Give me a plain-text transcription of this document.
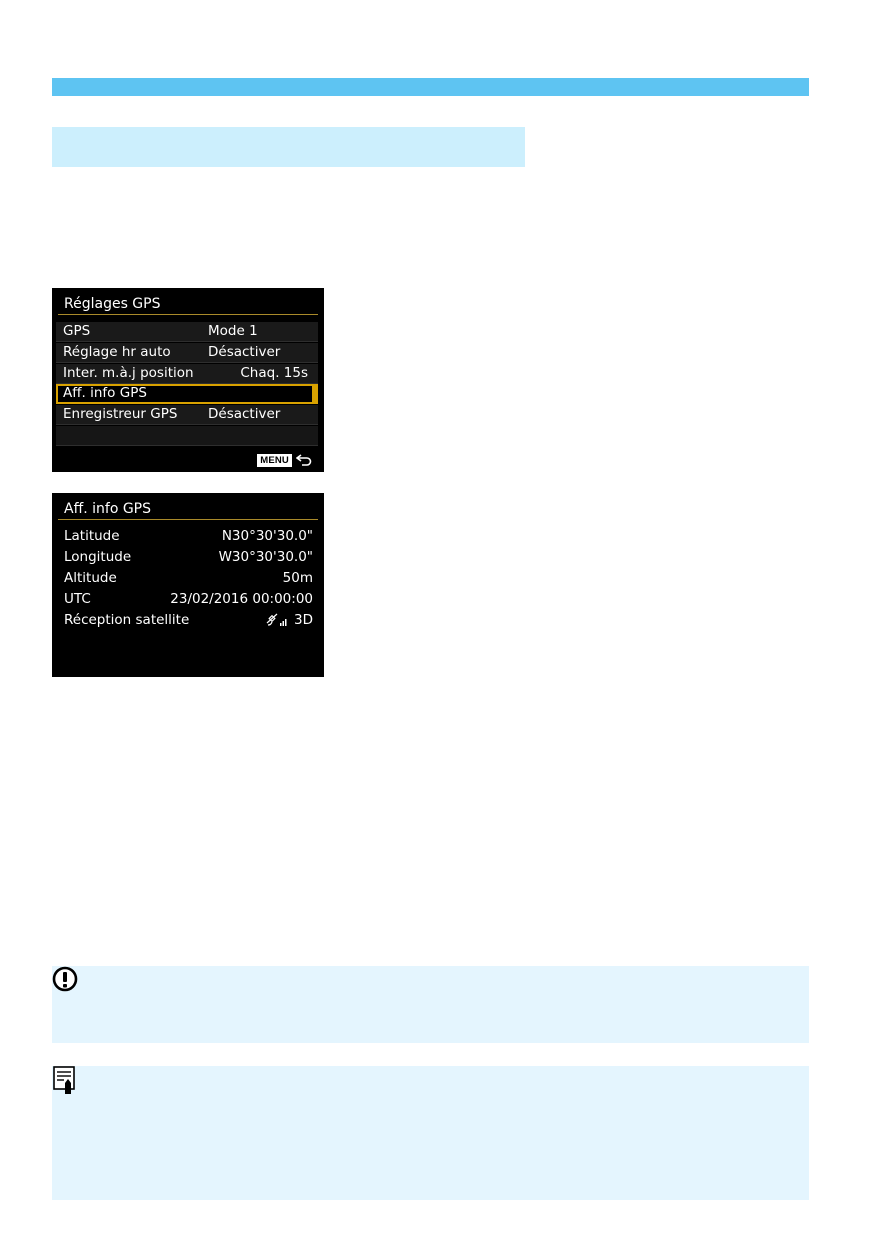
Réglages GPS
GPS	Mode 1
Réglage hr auto	Désactiver
Inter. m.à.j position	Chaq. 15s
Aff. info GPS
Enregistreur GPS Désactiver
MENU
Aff. info GPS
Latitude	N30°30'30.0"
Longitude	W30°30'30.0"
Altitude	50m
UTC	23/02/2016 00:00:00
Réception satellite	3D
